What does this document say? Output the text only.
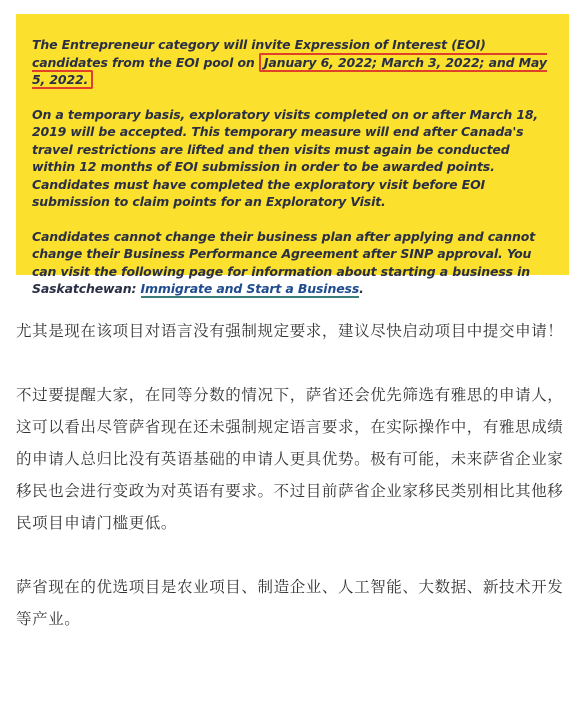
The Entrepreneur category will invite Expression of Interest (EOI) candidates from the EOI pool on January 6, 2022; March 3, 2022; and May 5, 2022.

On a temporary basis, exploratory visits completed on or after March 18, 2019 will be accepted. This temporary measure will end after Canada's travel restrictions are lifted and then visits must again be conducted within 12 months of EOI submission in order to be awarded points. Candidates must have completed the exploratory visit before EOI submission to claim points for an Exploratory Visit.

Candidates cannot change their business plan after applying and cannot change their Business Performance Agreement after SINP approval. You can visit the following page for information about starting a business in Saskatchewan: Immigrate and Start a Business.

尤其是现在该项目对语言没有强制规定要求，建议尽快启动项目中提交申请！

不过要提醒大家，在同等分数的情况下，萨省还会优先筛选有雅思的申请人，这可以看出尽管萨省现在还未强制规定语言要求，在实际操作中，有雅思成绩的申请人总归比没有英语基础的申请人更具优势。极有可能，未来萨省企业家移民也会进行变政为对英语有要求。不过目前萨省企业家移民类别相比其他移民项目申请门槛更低。

萨省现在的优选项目是农业项目、制造企业、人工智能、大数据、新技术开发等产业。
